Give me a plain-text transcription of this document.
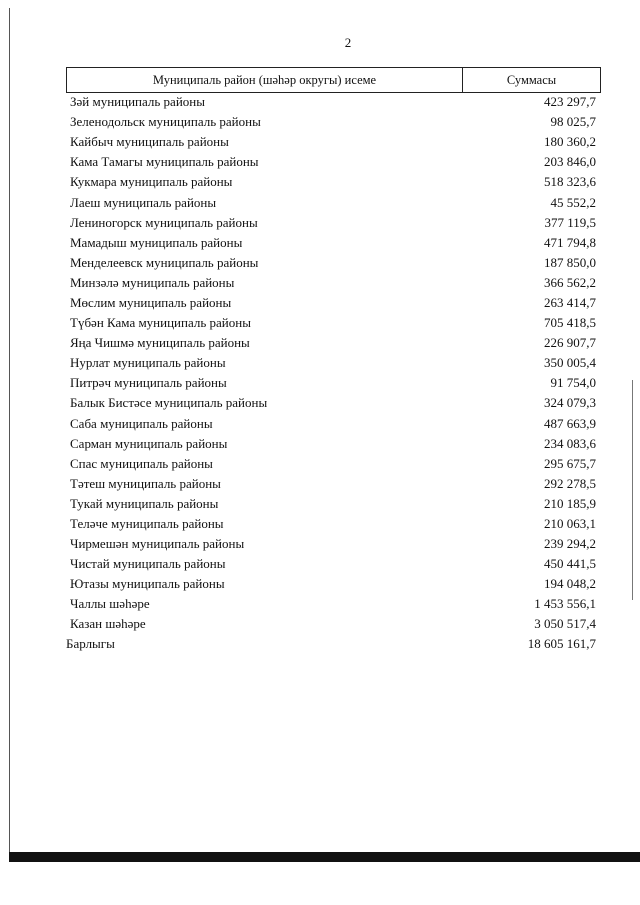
2
Муниципаль район (шәһәр округы) исеме	Суммасы
Зәй муниципаль районы	423 297,7
Зеленодольск муниципаль районы	98 025,7
Кайбыч муниципаль районы	180 360,2
Кама Тамагы муниципаль районы	203 846,0
Кукмара муниципаль районы	518 323,6
Лаеш муниципаль районы	45 552,2
Лениногорск муниципаль районы	377 119,5
Мамадыш муниципаль районы	471 794,8
Менделеевск муниципаль районы	187 850,0
Минзәлә муниципаль районы	366 562,2
Мөслим муниципаль районы	263 414,7
Түбән Кама муниципаль районы	705 418,5
Яңа Чишмә муниципаль районы	226 907,7
Нурлат муниципаль районы	350 005,4
Питрәч муниципаль районы	91 754,0
Балык Бистәсе муниципаль районы	324 079,3
Саба муниципаль районы	487 663,9
Сарман муниципаль районы	234 083,6
Спас муниципаль районы	295 675,7
Тәтеш муниципаль районы	292 278,5
Тукай муниципаль районы	210 185,9
Теләче муниципаль районы	210 063,1
Чирмешән муниципаль районы	239 294,2
Чистай муниципаль районы	450 441,5
Ютазы муниципаль районы	194 048,2
Чаллы шәһәре	1 453 556,1
Казан шәһәре	3 050 517,4
Барлыгы	18 605 161,7
